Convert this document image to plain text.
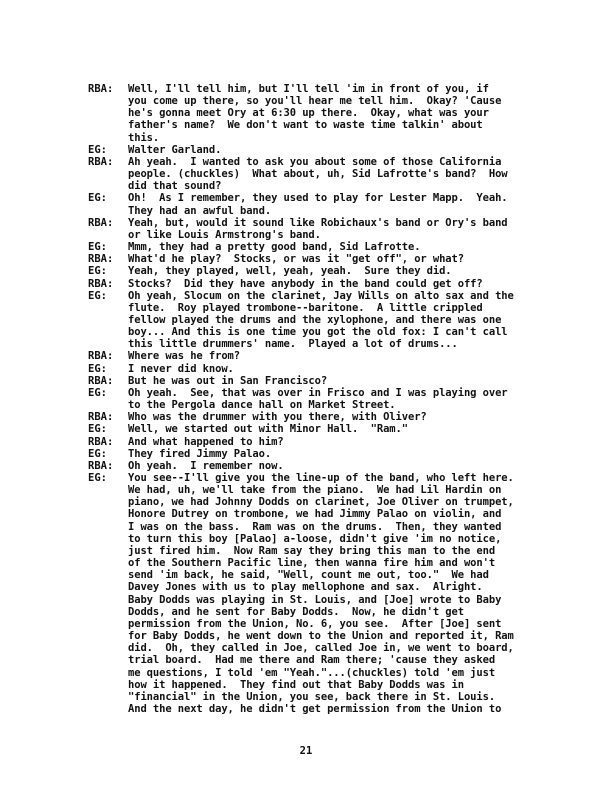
RBA:	Well, I'll tell him, but I'll tell 'im in front of you, if
you come up there, so you'll hear me tell him.  Okay? 'Cause
he's gonna meet Ory at 6:30 up there.  Okay, what was your
father's name?  We don't want to waste time talkin' about
this.
EG:	Walter Garland.
RBA:	Ah yeah.  I wanted to ask you about some of those California
people. (chuckles)  What about, uh, Sid Lafrotte's band?  How
did that sound?
EG:	Oh!  As I remember, they used to play for Lester Mapp.  Yeah.
They had an awful band.
RBA:	Yeah, but, would it sound like Robichaux's band or Ory's band
or like Louis Armstrong's band.
EG:	Mmm, they had a pretty good band, Sid Lafrotte.
RBA:	What'd he play?  Stocks, or was it "get off", or what?
EG:	Yeah, they played, well, yeah, yeah.  Sure they did.
RBA:	Stocks?  Did they have anybody in the band could get off?
EG:	Oh yeah, Slocum on the clarinet, Jay Wills on alto sax and the
flute.  Roy played trombone--baritone.  A little crippled
fellow played the drums and the xylophone, and there was one
boy... And this is one time you got the old fox: I can't call
this little drummers' name.  Played a lot of drums...
RBA:	Where was he from?
EG:	I never did know.
RBA:	But he was out in San Francisco?
EG:	Oh yeah.  See, that was over in Frisco and I was playing over
to the Pergola dance hall on Market Street.
RBA:	Who was the drummer with you there, with Oliver?
EG:	Well, we started out with Minor Hall.  "Ram."
RBA:	And what happened to him?
EG:	They fired Jimmy Palao.
RBA:	Oh yeah.  I remember now.
EG:	You see--I'll give you the line-up of the band, who left here.
We had, uh, we'll take from the piano.  We had Lil Hardin on
piano, we had Johnny Dodds on clarinet, Joe Oliver on trumpet,
Honore Dutrey on trombone, we had Jimmy Palao on violin, and
I was on the bass.  Ram was on the drums.  Then, they wanted
to turn this boy [Palao] a-loose, didn't give 'im no notice,
just fired him.  Now Ram say they bring this man to the end
of the Southern Pacific line, then wanna fire him and won't
send 'im back, he said, "Well, count me out, too."  We had
Davey Jones with us to play mellophone and sax.  Alright.
Baby Dodds was playing in St. Louis, and [Joe] wrote to Baby
Dodds, and he sent for Baby Dodds.  Now, he didn't get
permission from the Union, No. 6, you see.  After [Joe] sent
for Baby Dodds, he went down to the Union and reported it, Ram
did.  Oh, they called in Joe, called Joe in, we went to board,
trial board.  Had me there and Ram there; 'cause they asked
me questions, I told 'em "Yeah."...(chuckles) told 'em just
how it happened.  They find out that Baby Dodds was in
"financial" in the Union, you see, back there in St. Louis.
And the next day, he didn't get permission from the Union to
21
